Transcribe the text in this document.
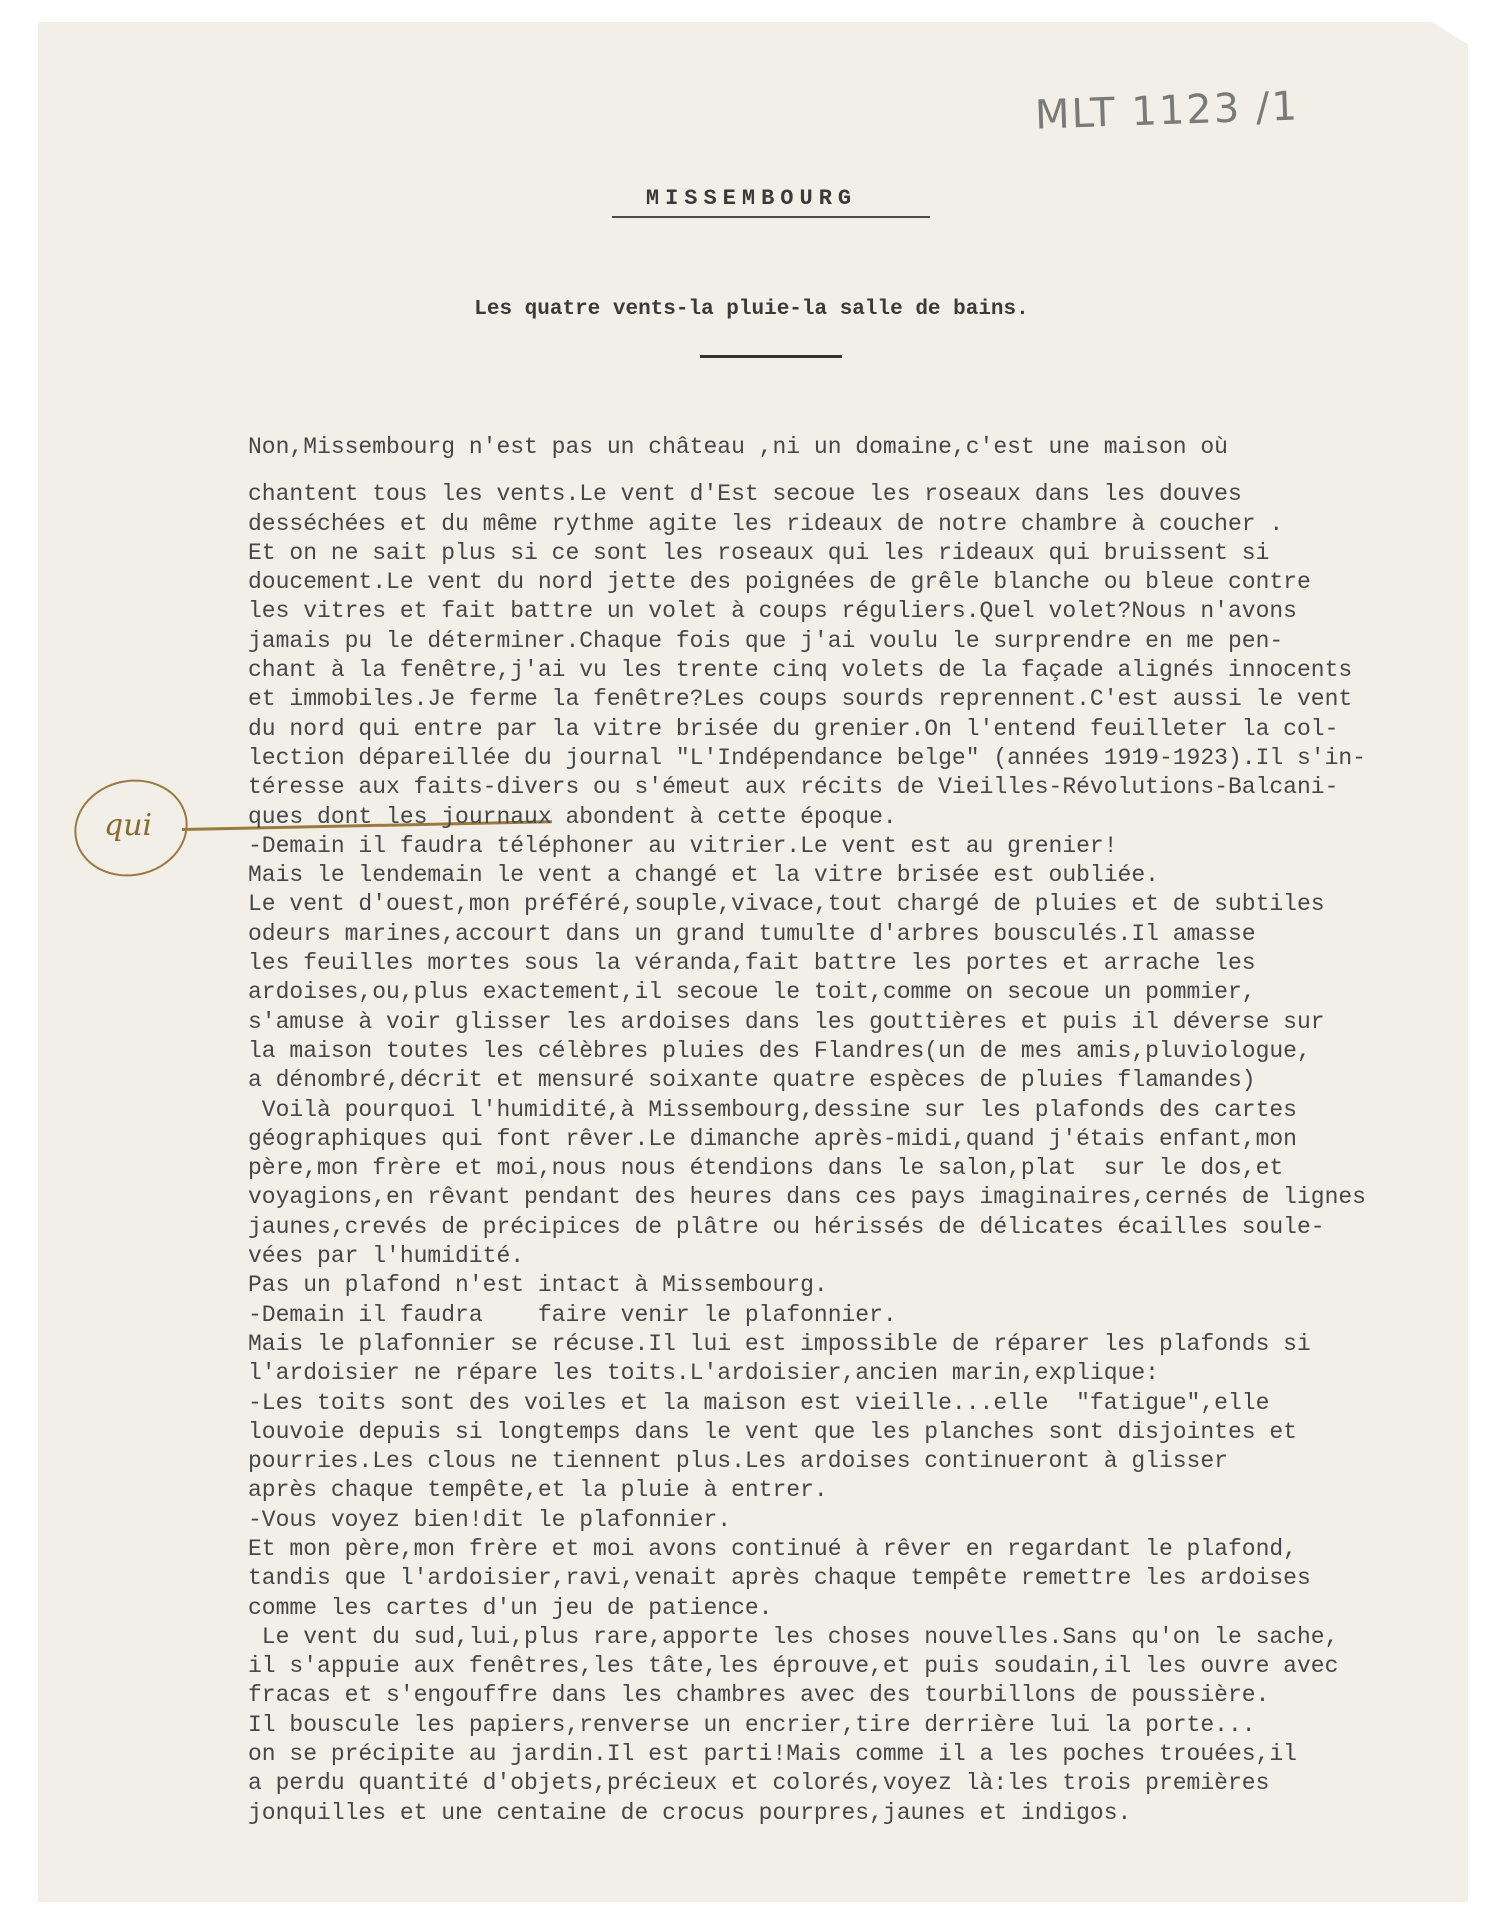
MLT 1123 /1
MISSEMBOURG
Les quatre vents-la pluie-la salle de bains.
qui
Non,Missembourg n'est pas un château ,ni un domaine,c'est une maison où
chantent tous les vents.Le vent d'Est secoue les roseaux dans les douves
desséchées et du même rythme agite les rideaux de notre chambre à coucher .
Et on ne sait plus si ce sont les roseaux qui les rideaux qui bruissent si
doucement.Le vent du nord jette des poignées de grêle blanche ou bleue contre
les vitres et fait battre un volet à coups réguliers.Quel volet?Nous n'avons
jamais pu le déterminer.Chaque fois que j'ai voulu le surprendre en me pen-
chant à la fenêtre,j'ai vu les trente cinq volets de la façade alignés innocents
et immobiles.Je ferme la fenêtre?Les coups sourds reprennent.C'est aussi le vent
du nord qui entre par la vitre brisée du grenier.On l'entend feuilleter la col-
lection dépareillée du journal "L'Indépendance belge" (années 1919-1923).Il s'in-
téresse aux faits-divers ou s'émeut aux récits de Vieilles-Révolutions-Balcani-
ques dont les journaux abondent à cette époque.
-Demain il faudra téléphoner au vitrier.Le vent est au grenier!
Mais le lendemain le vent a changé et la vitre brisée est oubliée.
Le vent d'ouest,mon préféré,souple,vivace,tout chargé de pluies et de subtiles
odeurs marines,accourt dans un grand tumulte d'arbres bousculés.Il amasse
les feuilles mortes sous la véranda,fait battre les portes et arrache les
ardoises,ou,plus exactement,il secoue le toit,comme on secoue un pommier,
s'amuse à voir glisser les ardoises dans les gouttières et puis il déverse sur
la maison toutes les célèbres pluies des Flandres(un de mes amis,pluviologue,
a dénombré,décrit et mensuré soixante quatre espèces de pluies flamandes)
Voilà pourquoi l'humidité,à Missembourg,dessine sur les plafonds des cartes
géographiques qui font rêver.Le dimanche après-midi,quand j'étais enfant,mon
père,mon frère et moi,nous nous étendions dans le salon,plat  sur le dos,et
voyagions,en rêvant pendant des heures dans ces pays imaginaires,cernés de lignes
jaunes,crevés de précipices de plâtre ou hérissés de délicates écailles soule-
vées par l'humidité.
Pas un plafond n'est intact à Missembourg.
-Demain il faudra    faire venir le plafonnier.
Mais le plafonnier se récuse.Il lui est impossible de réparer les plafonds si
l'ardoisier ne répare les toits.L'ardoisier,ancien marin,explique:
-Les toits sont des voiles et la maison est vieille...elle  "fatigue",elle
louvoie depuis si longtemps dans le vent que les planches sont disjointes et
pourries.Les clous ne tiennent plus.Les ardoises continueront à glisser
après chaque tempête,et la pluie à entrer.
-Vous voyez bien!dit le plafonnier.
Et mon père,mon frère et moi avons continué à rêver en regardant le plafond,
tandis que l'ardoisier,ravi,venait après chaque tempête remettre les ardoises
comme les cartes d'un jeu de patience.
Le vent du sud,lui,plus rare,apporte les choses nouvelles.Sans qu'on le sache,
il s'appuie aux fenêtres,les tâte,les éprouve,et puis soudain,il les ouvre avec
fracas et s'engouffre dans les chambres avec des tourbillons de poussière.
Il bouscule les papiers,renverse un encrier,tire derrière lui la porte...
on se précipite au jardin.Il est parti!Mais comme il a les poches trouées,il
a perdu quantité d'objets,précieux et colorés,voyez là:les trois premières
jonquilles et une centaine de crocus pourpres,jaunes et indigos.
